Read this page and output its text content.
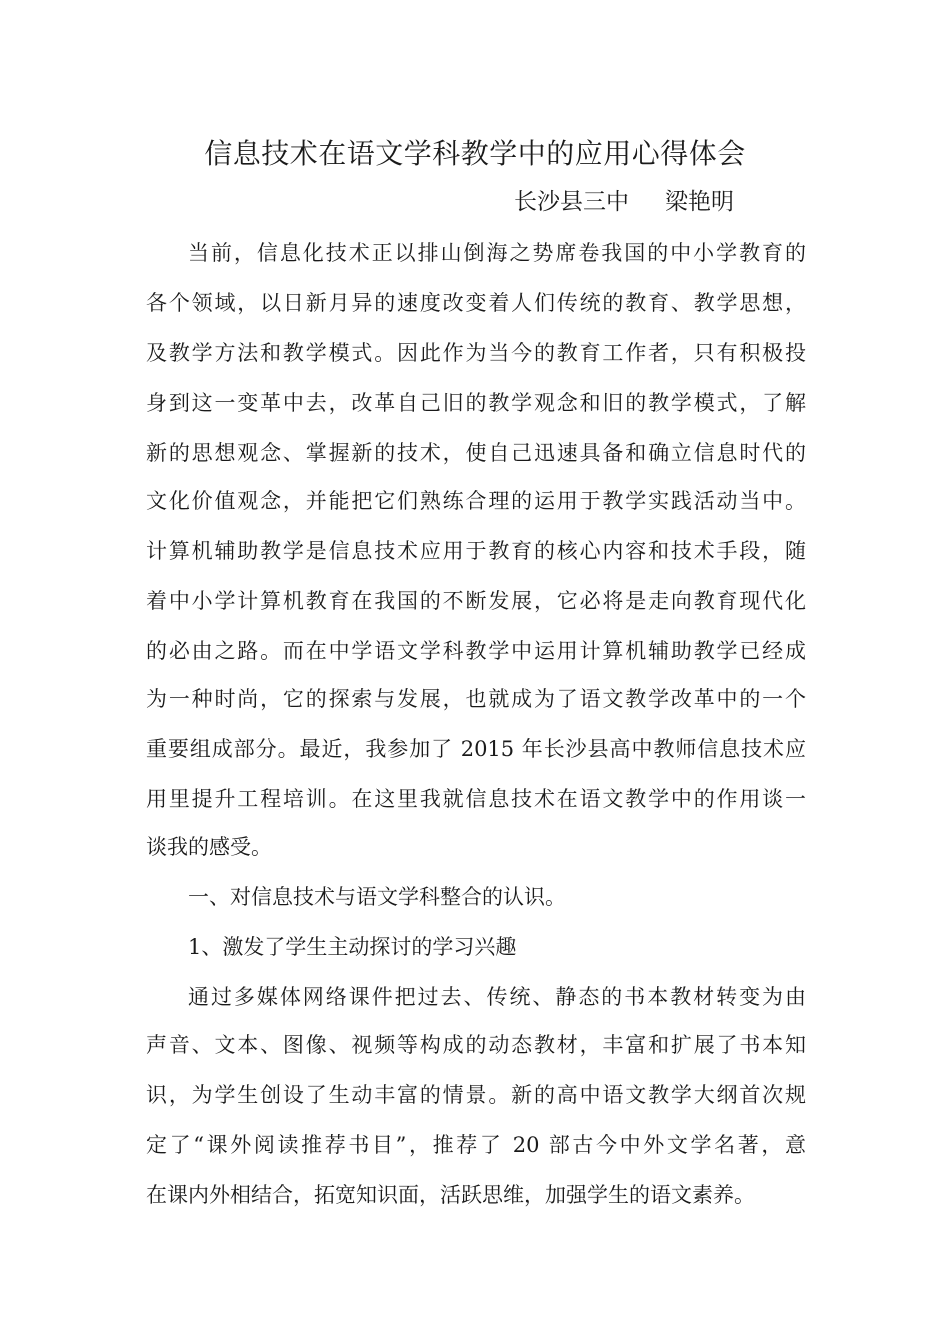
信息技术在语文学科教学中的应用心得体会
长沙县三中 梁艳明
当前，信息化技术正以排山倒海之势席卷我国的中小学教育的
各个领域，以日新月异的速度改变着人们传统的教育、教学思想，
及教学方法和教学模式。因此作为当今的教育工作者，只有积极投
身到这一变革中去，改革自己旧的教学观念和旧的教学模式，了解
新的思想观念、掌握新的技术，使自己迅速具备和确立信息时代的
文化价值观念，并能把它们熟练合理的运用于教学实践活动当中。
计算机辅助教学是信息技术应用于教育的核心内容和技术手段，随
着中小学计算机教育在我国的不断发展，它必将是走向教育现代化
的必由之路。而在中学语文学科教学中运用计算机辅助教学已经成
为一种时尚，它的探索与发展，也就成为了语文教学改革中的一个
重要组成部分。最近，我参加了 2015 年长沙县高中教师信息技术应
用里提升工程培训。在这里我就信息技术在语文教学中的作用谈一
谈我的感受。
一、对信息技术与语文学科整合的认识。
1、激发了学生主动探讨的学习兴趣
通过多媒体网络课件把过去、传统、静态的书本教材转变为由
声音、文本、图像、视频等构成的动态教材，丰富和扩展了书本知
识，为学生创设了生动丰富的情景。新的高中语文教学大纲首次规
定了“课外阅读推荐书目”，推荐了 20 部古今中外文学名著，意
在课内外相结合，拓宽知识面，活跃思维，加强学生的语文素养。
